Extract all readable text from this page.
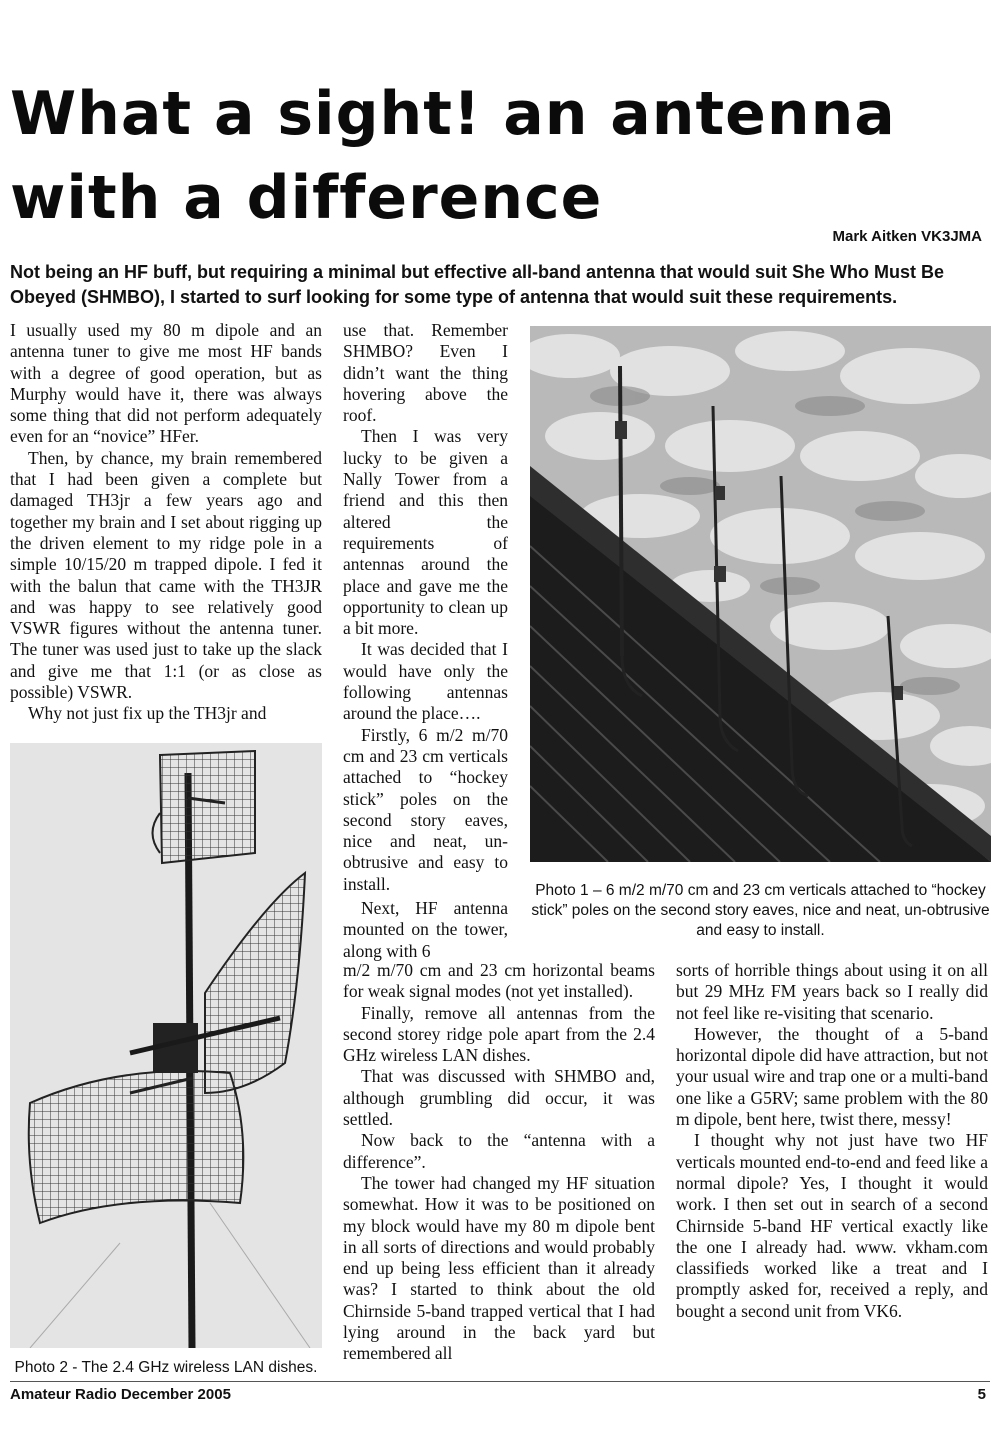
What a sight! an antenna with a difference
Mark Aitken VK3JMA

Not being an HF buff, but requiring a minimal but effective all-band antenna that would suit She Who Must Be Obeyed (SHMBO), I started to surf looking for some type of antenna that would suit these requirements.

I usually used my 80 m dipole and an antenna tuner to give me most HF bands with a degree of good operation, but as Murphy would have it, there was always some thing that did not perform adequately even for an “novice” HFer.

Then, by chance, my brain remembered that I had been given a complete but damaged TH3jr a few years ago and together my brain and I set about rigging up the driven element to my ridge pole in a simple 10/15/20 m trapped dipole. I fed it with the balun that came with the TH3JR and was happy to see relatively good VSWR figures without the antenna tuner. The tuner was used just to take up the slack and give me that 1:1 (or as close as possible) VSWR.

Why not just fix up the TH3jr and

use that. Remember SHMBO? Even I didn’t want the thing hovering above the roof.

Then I was very lucky to be given a Nally Tower from a friend and this then altered the requirements of antennas around the place and gave me the opportunity to clean up a bit more.

It was decided that I would have only the following antennas around the place….

Firstly, 6 m/2 m/70 cm and 23 cm verticals attached to “hockey stick” poles on the second story eaves, nice and neat, un-obtrusive and easy to install.

Next, HF antenna mounted on the tower, along with 6

m/2 m/70 cm and 23 cm horizontal beams for weak signal modes (not yet installed).

Finally, remove all antennas from the second storey ridge pole apart from the 2.4 GHz wireless LAN dishes.

That was discussed with SHMBO and, although grumbling did occur, it was settled.

Now back to the “antenna with a difference”.

The tower had changed my HF situation somewhat. How it was to be positioned on my block would have my 80 m dipole bent in all sorts of directions and would probably end up being less efficient than it already was? I started to think about the old Chirnside 5-band trapped vertical that I had lying around in the back yard but remembered all

sorts of horrible things about using it on all but 29 MHz FM years back so I really did not feel like re-visiting that scenario.

However, the thought of a 5-band horizontal dipole did have attraction, but not your usual wire and trap one or a multi-band one like a G5RV; same problem with the 80 m dipole, bent here, twist there, messy!

I thought why not just have two HF verticals mounted end-to-end and feed like a normal dipole? Yes, I thought it would work. I then set out in search of a second Chirnside 5-band HF vertical exactly like the one I already had. www. vkham.com classifieds worked like a treat and I promptly asked for, received a reply, and bought a second unit from VK6.

Photo 1 – 6 m/2 m/70 cm and 23 cm verticals attached to “hockey stick” poles on the second story eaves, nice and neat, un-obtrusive and easy to install.
Photo 2 - The 2.4 GHz wireless LAN dishes.
Amateur Radio December 2005	5
